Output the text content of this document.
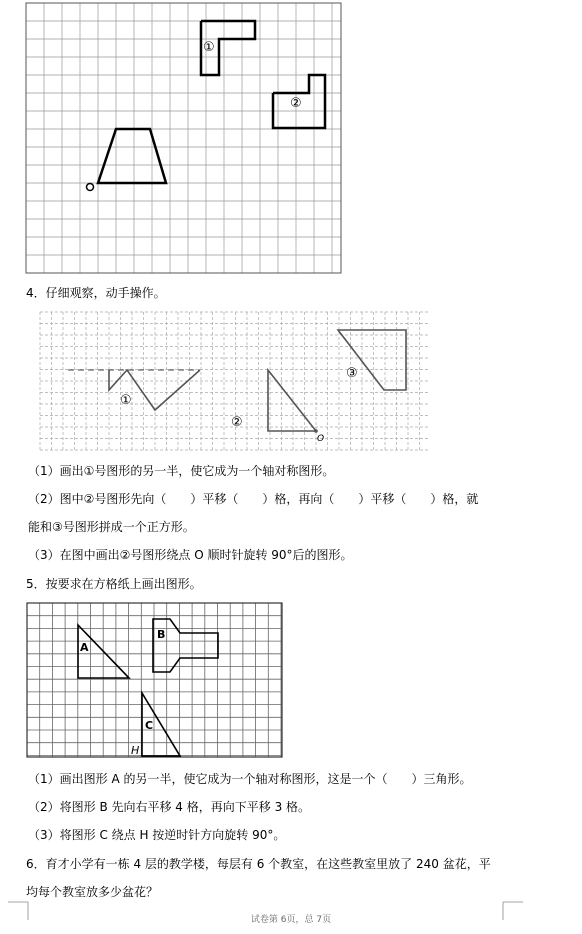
①
②
4．仔细观察，动手操作。
①
②
③
O
（1）画出①号图形的另一半，使它成为一个轴对称图形。
（2）图中②号图形先向（　　）平移（　　）格，再向（　　）平移（　　）格，就
能和③号图形拼成一个正方形。
（3）在图中画出②号图形绕点 O 顺时针旋转 90°后的图形。
5．按要求在方格纸上画出图形。
A
B
C
H
（1）画出图形 A 的另一半，使它成为一个轴对称图形，这是一个（　　）三角形。
（2）将图形 B 先向右平移 4 格，再向下平移 3 格。
（3）将图形 C 绕点 H 按逆时针方向旋转 90°。
6．育才小学有一栋 4 层的教学楼，每层有 6 个教室，在这些教室里放了 240 盆花，平
均每个教室放多少盆花？
试卷第 6页，总 7页
